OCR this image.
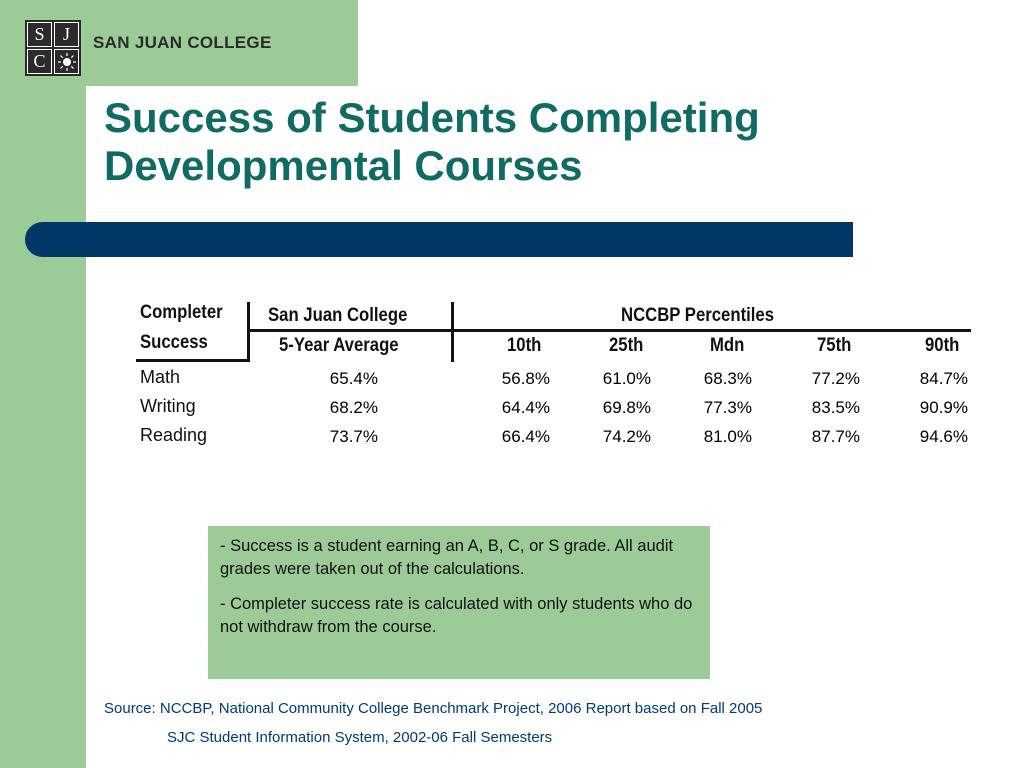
S	J
C
SAN JUAN COLLEGE
Success of Students Completing
Developmental Courses
Completer
Success
San Juan College
5-Year Average
NCCBP Percentiles
10th	25th	Mdn	75th	90th
Math	65.4%	56.8%	61.0%	68.3%	77.2%	84.7%
Writing	68.2%	64.4%	69.8%	77.3%	83.5%	90.9%
Reading	73.7%	66.4%	74.2%	81.0%	87.7%	94.6%

- Success is a student earning an A, B, C, or S grade. All audit grades were taken out of the calculations.

- Completer success rate is calculated with only students who do not withdraw from the course.

Source: NCCBP, National Community College Benchmark Project, 2006 Report based on Fall 2005
SJC Student Information System, 2002-06 Fall Semesters
